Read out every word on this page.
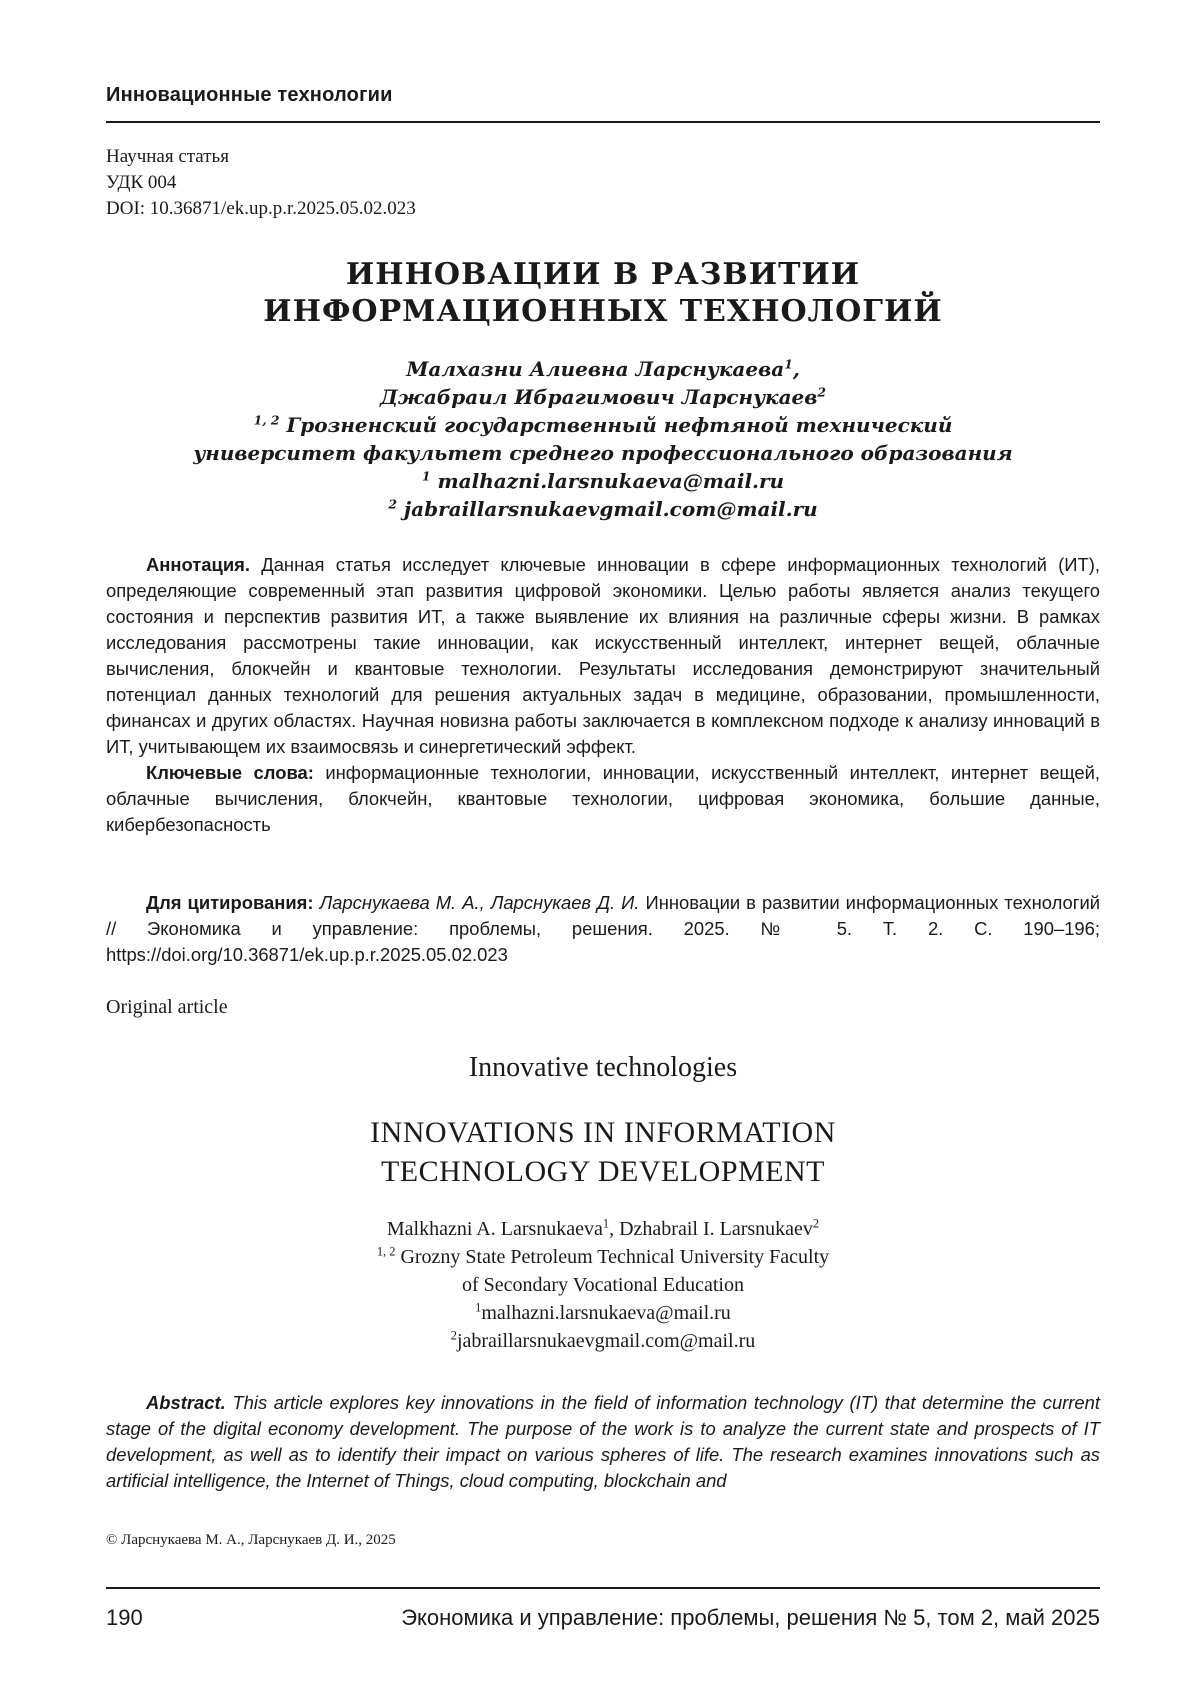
Инновационные технологии
Научная статья
УДК 004
DOI: 10.36871/ek.up.p.r.2025.05.02.023
ИННОВАЦИИ В РАЗВИТИИ
ИНФОРМАЦИОННЫХ ТЕХНОЛОГИЙ
Малхазни Алиевна Ларснукаева1,
Джабраил Ибрагимович Ларснукаев2
1, 2 Грозненский государственный нефтяной технический
университет факультет среднего профессионального образования
1 malhazni.larsnukaeva@mail.ru
2 jabraillarsnukaevgmail.com@mail.ru

Аннотация. Данная статья исследует ключевые инновации в сфере информационных технологий (ИТ), определяющие современный этап развития цифровой экономики. Целью работы является анализ текущего состояния и перспектив развития ИТ, а также выявление их влияния на различные сферы жизни. В рамках исследования рассмотрены такие инновации, как искусственный интеллект, интернет вещей, облачные вычисления, блокчейн и квантовые технологии. Результаты исследования демонстрируют значительный потенциал данных технологий для решения актуальных задач в медицине, образовании, промышленности, финансах и других областях. Научная новизна работы заключается в комплексном подходе к анализу инноваций в ИТ, учитывающем их взаимосвязь и синергетический эффект.

Ключевые слова: информационные технологии, инновации, искусственный интеллект, интернет вещей, облачные вычисления, блокчейн, квантовые технологии, цифровая экономика, большие данные, кибербезопасность

Для цитирования: Ларснукаева М. А., Ларснукаев Д. И. Инновации в развитии информационных технологий // Экономика и управление: проблемы, решения. 2025. № 5. Т. 2. С. 190–196; https://doi.org/10.36871/ek.up.p.r.2025.05.02.023

Original article
Innovative technologies
INNOVATIONS IN INFORMATION
TECHNOLOGY DEVELOPMENT
Malkhazni A. Larsnukaeva1, Dzhabrail I. Larsnukaev2
1, 2 Grozny State Petroleum Technical University Faculty
of Secondary Vocational Education
1malhazni.larsnukaeva@mail.ru
2jabraillarsnukaevgmail.com@mail.ru

Abstract. This article explores key innovations in the field of information technology (IT) that determine the current stage of the digital economy development. The purpose of the work is to analyze the current state and prospects of IT development, as well as to identify their impact on various spheres of life. The research examines innovations such as artificial intelligence, the Internet of Things, cloud computing, blockchain and

© Ларснукаева М. А., Ларснукаев Д. И., 2025
190	Экономика и управление: проблемы, решения № 5, том 2, май 2025
